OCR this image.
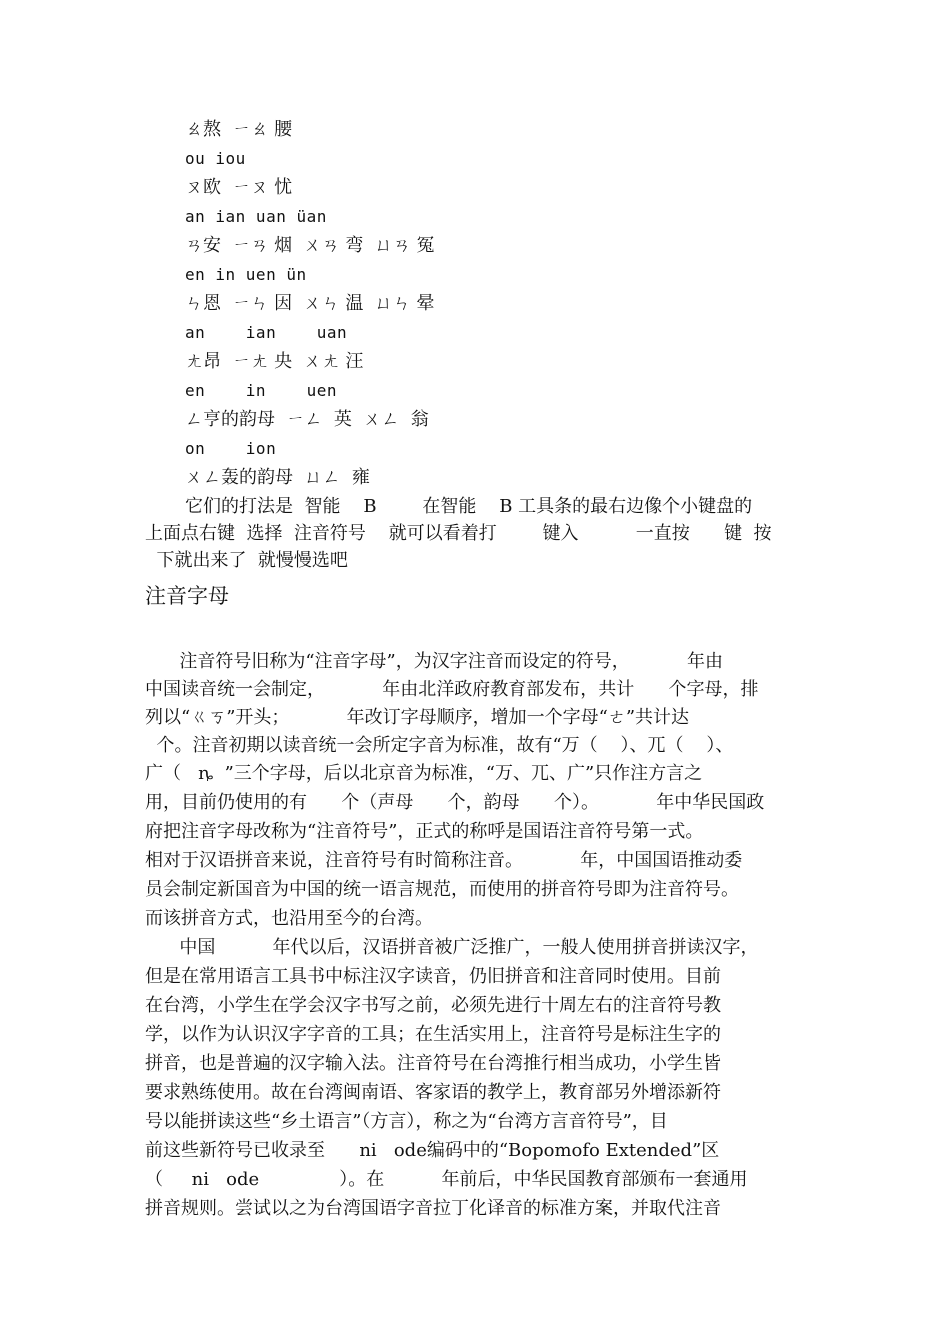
ㄠ熬  ㄧㄠ 腰
ou iou
ㄡ欧  ㄧㄡ 忧
an ian uan üan
ㄢ安  ㄧㄢ 烟  ㄨㄢ 弯  ㄩㄢ 冤
en in uen ün
ㄣ恩  ㄧㄣ 因  ㄨㄣ 温  ㄩㄣ 晕
an    ian    uan
ㄤ昂  ㄧㄤ 央  ㄨㄤ 汪
en    in    uen
ㄥ亨的韵母  ㄧㄥ  英  ㄨㄥ  翁
on    ion
ㄨㄥ轰的韵母  ㄩㄥ  雍
它们的打法是  智能    B        在智能    B 工具条的最右边像个小键盘的
上面点右键  选择  注音符号    就可以看着打        键入          一直按      键  按
下就出来了  就慢慢选吧
注音字母
注音符号旧称为“注音字母”，为汉字注音而设定的符号，          年由
中国读音统一会制定，          年由北洋政府教育部发布，共计      个字母，排
列以“ㄍㄎ”开头；          年改订字母顺序，增加一个字母“ㄜ”共计达
个。注音初期以读音统一会所定字音为标准，故有“万（    ）、兀（    ）、
广（   ȵ  ”三个字母，后以北京音为标准，“万、兀、广”只作注方言之
用，目前仍使用的有      个（声母      个，韵母      个）。          年中华民国政
府把注音字母改称为“注音符号”，正式的称呼是国语注音符号第一式。
相对于汉语拼音来说，注音符号有时简称注音。          年，中国国语推动委
员会制定新国音为中国的统一语言规范，而使用的拼音符号即为注音符号。
而该拼音方式，也沿用至今的台湾。
中国          年代以后，汉语拼音被广泛推广，一般人使用拼音拼读汉字，
但是在常用语言工具书中标注汉字读音，仍旧拼音和注音同时使用。目前
在台湾，小学生在学会汉字书写之前，必须先进行十周左右的注音符号教
学，以作为认识汉字字音的工具；在生活实用上，注音符号是标注生字的
拼音，也是普遍的汉字输入法。注音符号在台湾推行相当成功，小学生皆
要求熟练使用。故在台湾闽南语、客家语的教学上，教育部另外增添新符
号以能拼读这些“乡土语言”（方言），称之为“台湾方言音符号”，目
前这些新符号已收录至      ni   ode编码中的“Bopomofo Extended”区
（     ni   ode              ）。在          年前后，中华民国教育部颁布一套通用
拼音规则。尝试以之为台湾国语字音拉丁化译音的标准方案，并取代注音
